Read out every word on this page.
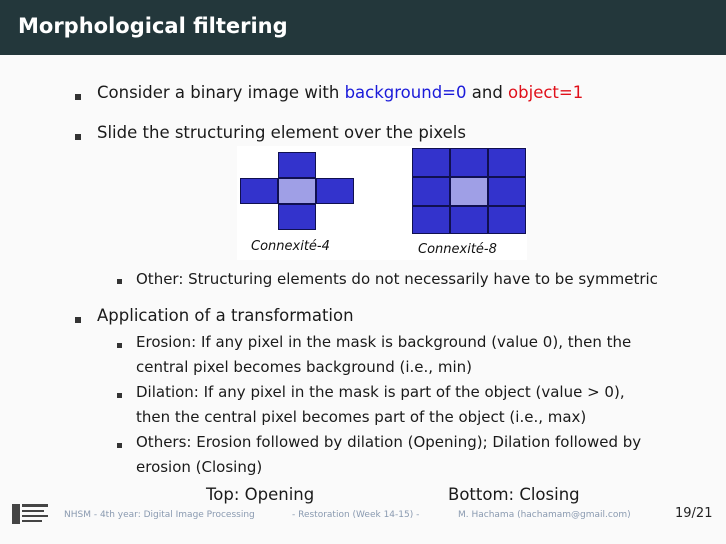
Morphological filtering
Consider a binary image with background=0 and object=1
Slide the structuring element over the pixels
Connexité-4	Connexité-8
Other: Structuring elements do not necessarily have to be symmetric
Application of a transformation
Erosion: If any pixel in the mask is background (value 0), then the
central pixel becomes background (i.e., min)
Dilation: If any pixel in the mask is part of the object (value > 0),
then the central pixel becomes part of the object (i.e., max)
Others: Erosion followed by dilation (Opening); Dilation followed by
erosion (Closing)
Top: Opening	Bottom: Closing
NHSM - 4th year: Digital Image Processing	- Restoration (Week 14-15) -	M. Hachama (hachamam@gmail.com)	19/21
